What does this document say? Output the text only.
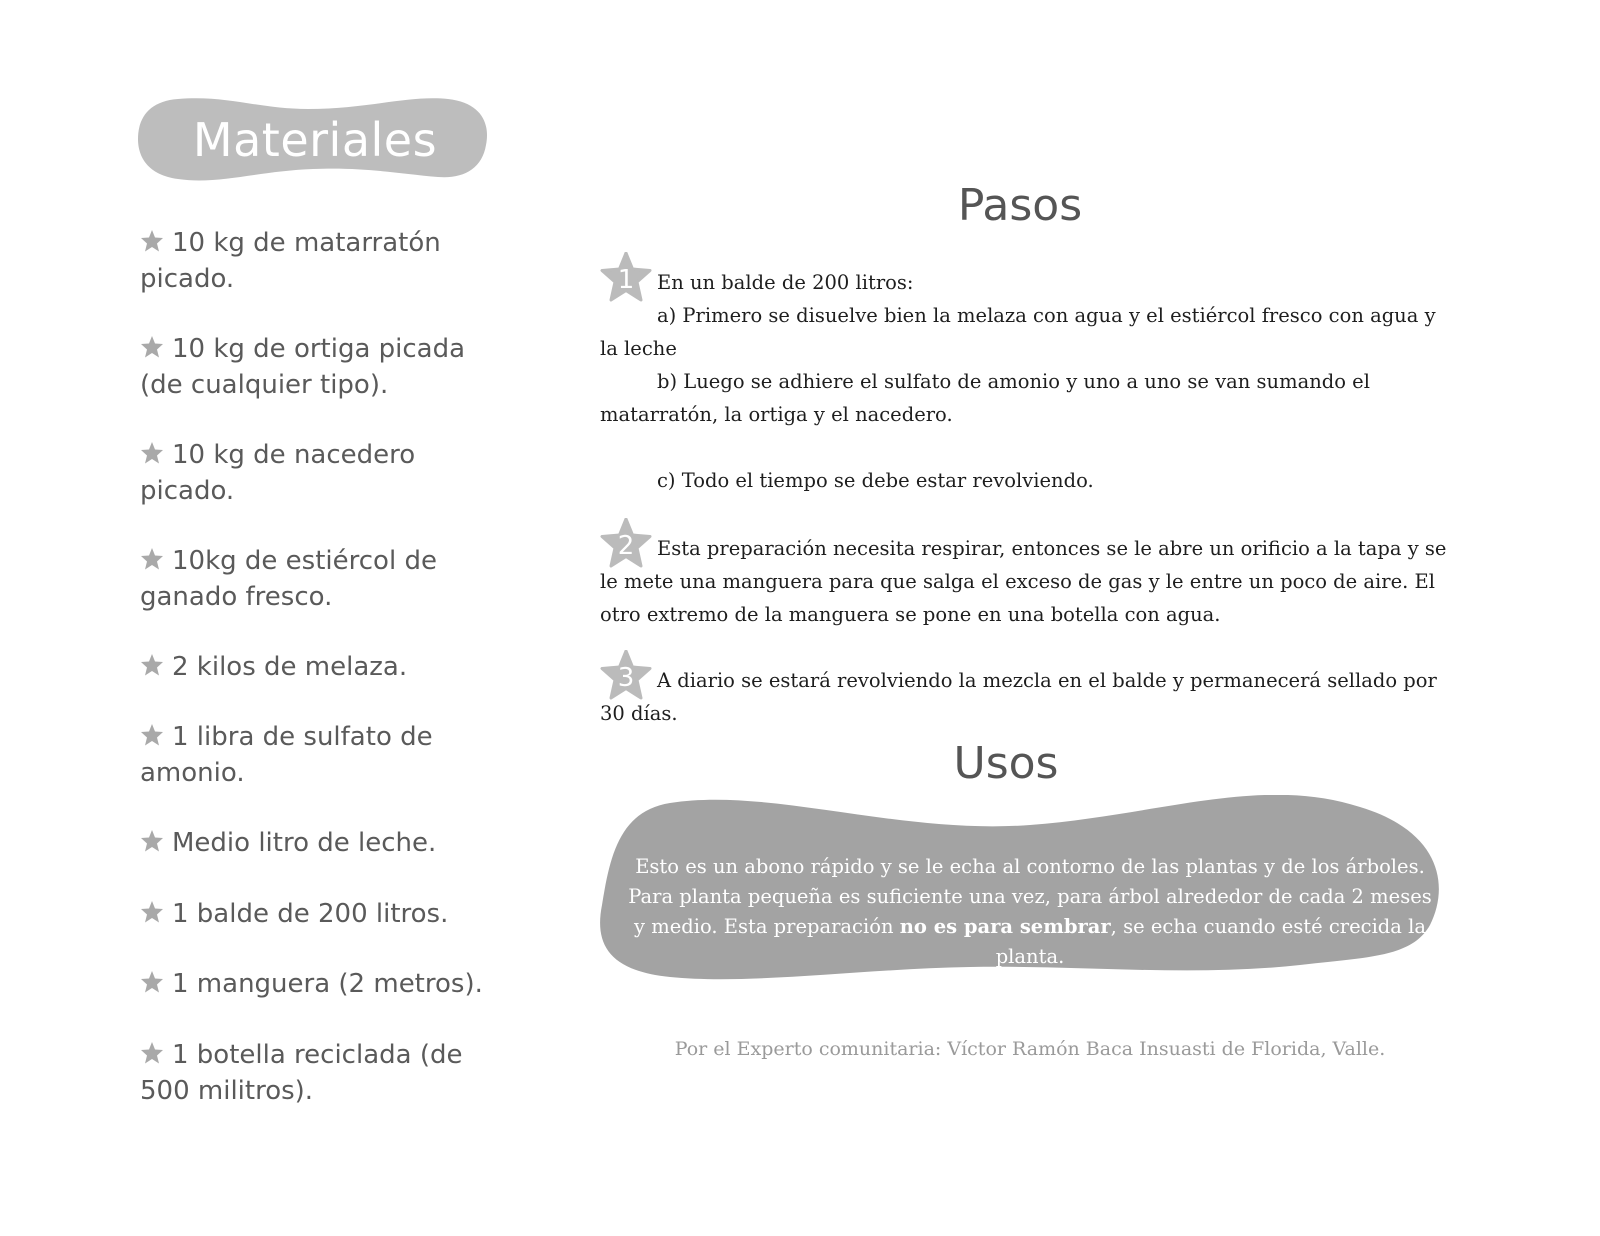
Materiales
10 kg de matarratón picado.
10 kg de ortiga picada (de cualquier tipo).
10 kg de nacedero picado.
10kg de estiércol de ganado fresco.
2 kilos de melaza.
1 libra de sulfato de amonio.
Medio litro de leche.
1 balde de 200 litros.
1 manguera (2 metros).
1 botella reciclada (de 500 militros).
Pasos
1	En un balde de 200 litros:

a) Primero se disuelve bien la melaza con agua y el estiércol fresco con agua y la leche

b) Luego se adhiere el sulfato de amonio y uno a uno se van sumando el matarratón, la ortiga y el nacedero.

c) Todo el tiempo se debe estar revolviendo.

2	Esta preparación necesita respirar, entonces se le abre un orificio a la tapa y se le mete una manguera para que salga el exceso de gas y le entre un poco de aire. El otro extremo de la manguera se pone en una botella con agua.

3	A diario se estará revolviendo la mezcla en el balde y permanecerá sellado por 30 días.

Usos
Esto es un abono rápido y se le echa al contorno de las plantas y de los árboles. Para planta pequeña es suficiente una vez, para árbol alrededor de cada 2 meses y medio. Esta preparación no es para sembrar, se echa cuando esté crecida la planta.
Por el Experto comunitaria: Víctor Ramón Baca Insuasti de Florida, Valle.
